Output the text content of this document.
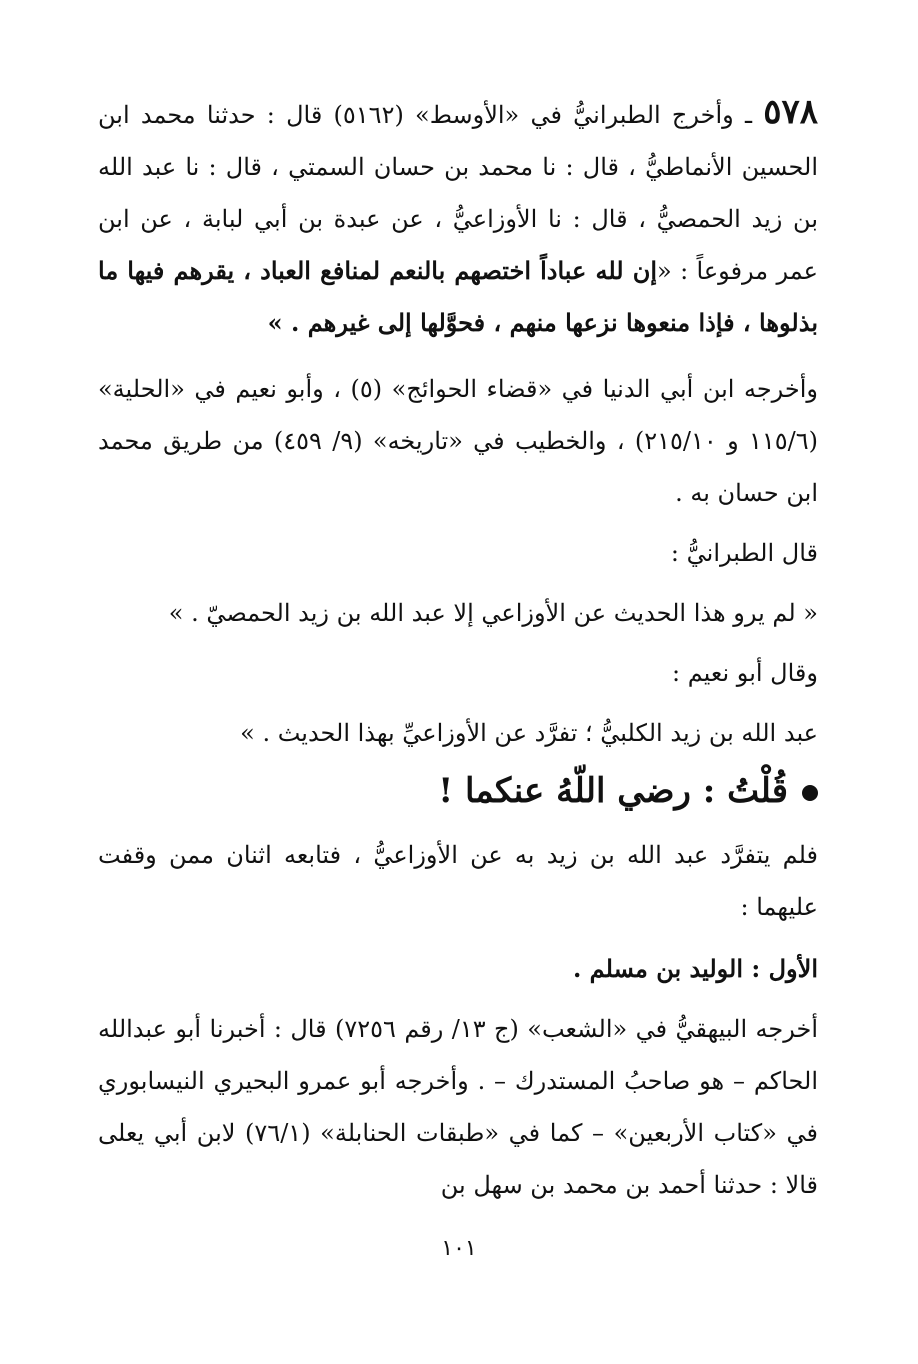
٥٧٨ ـ وأخرج الطبرانيُّ في «الأوسط» (٥١٦٢) قال : حدثنا محمد ابن الحسين الأنماطيُّ ، قال : نا محمد بن حسان السمتي ، قال : نا عبد الله بن زيد الحمصيُّ ، قال : نا الأوزاعيُّ ، عن عبدة بن أبي لبابة ، عن ابن عمر مرفوعاً : «إن لله عباداً اختصهم بالنعم لمنافع العباد ، يقرهم فيها ما بذلوها ، فإذا منعوها نزعها منهم ، فحوَّلها إلى غيرهم . »

وأخرجه ابن أبي الدنيا في «قضاء الحوائج» (٥) ، وأبو نعيم في «الحلية» (١١٥/٦ و ٢١٥/١٠) ، والخطيب في «تاريخه» (٩/ ٤٥٩) من طريق محمد ابن حسان به .

قال الطبرانيُّ :

« لم يرو هذا الحديث عن الأوزاعي إلا عبد الله بن زيد الحمصيّ . »

وقال أبو نعيم :

عبد الله بن زيد الكلبيُّ ؛ تفرَّد عن الأوزاعيِّ بهذا الحديث . »

قُلْتُ : رضي اللّهُ عنكما !

فلم يتفرَّد عبد الله بن زيد به عن الأوزاعيُّ ، فتابعه اثنان ممن وقفت عليهما :

الأول : الوليد بن مسلم .

أخرجه البيهقيُّ في «الشعب» (ج ١٣/ رقم ٧٢٥٦) قال : أخبرنا أبو عبدالله الحاكم – هو صاحبُ المستدرك – . وأخرجه أبو عمرو البحيري النيسابوري في «كتاب الأربعين» – كما في «طبقات الحنابلة» (٧٦/١) لابن أبي يعلى قالا : حدثنا أحمد بن محمد بن سهل بن

١٠١
